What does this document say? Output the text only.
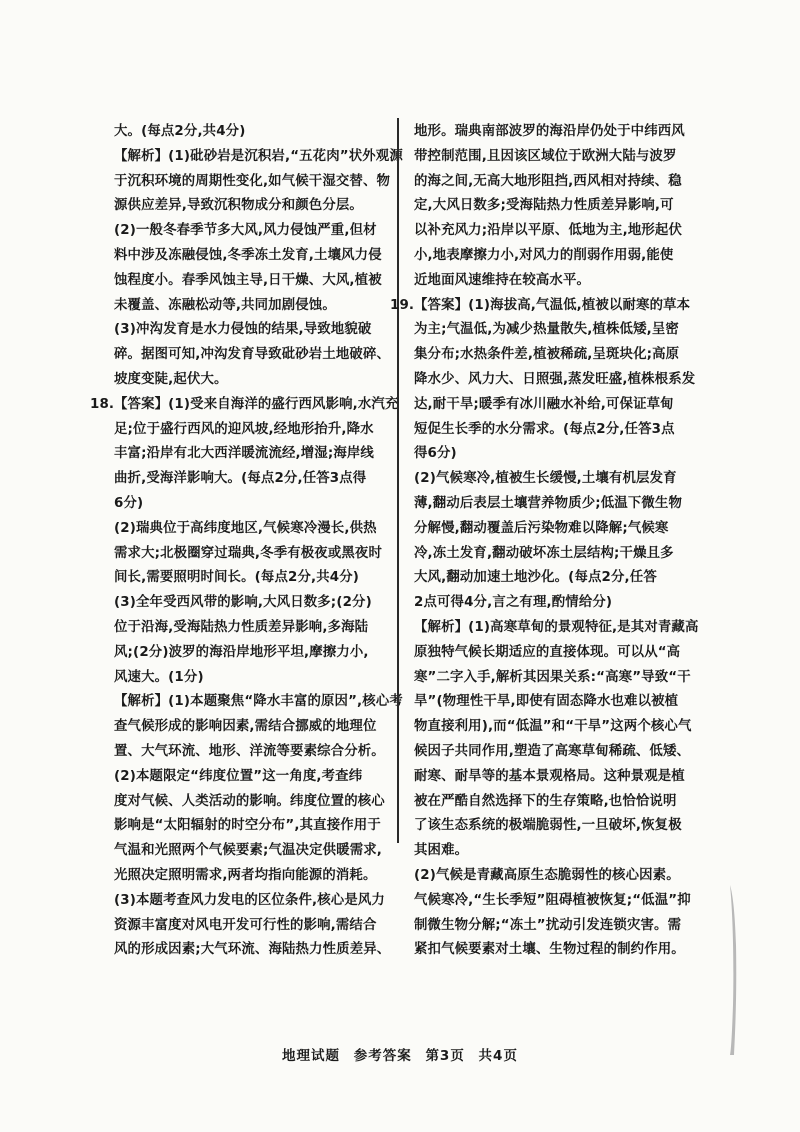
大。(每点2分,共4分)
【解析】(1)砒砂岩是沉积岩,“五花肉”状外观源
于沉积环境的周期性变化,如气候干湿交替、物
源供应差异,导致沉积物成分和颜色分层。
(2)一般冬春季节多大风,风力侵蚀严重,但材
料中涉及冻融侵蚀,冬季冻土发育,土壤风力侵
蚀程度小。春季风蚀主导,日干燥、大风,植被
未覆盖、冻融松动等,共同加剧侵蚀。
(3)冲沟发育是水力侵蚀的结果,导致地貌破
碎。据图可知,冲沟发育导致砒砂岩土地破碎、
坡度变陡,起伏大。
18. 【答案】(1)受来自海洋的盛行西风影响,水汽充
足;位于盛行西风的迎风坡,经地形抬升,降水
丰富;沿岸有北大西洋暖流流经,增湿;海岸线
曲折,受海洋影响大。(每点2分,任答3点得
6分)
(2)瑞典位于高纬度地区,气候寒冷漫长,供热
需求大;北极圈穿过瑞典,冬季有极夜或黑夜时
间长,需要照明时间长。(每点2分,共4分)
(3)全年受西风带的影响,大风日数多;(2分)
位于沿海,受海陆热力性质差异影响,多海陆
风;(2分)波罗的海沿岸地形平坦,摩擦力小,
风速大。(1分)
【解析】(1)本题聚焦“降水丰富的原因”,核心考
查气候形成的影响因素,需结合挪威的地理位
置、大气环流、地形、洋流等要素综合分析。
(2)本题限定“纬度位置”这一角度,考查纬
度对气候、人类活动的影响。纬度位置的核心
影响是“太阳辐射的时空分布”,其直接作用于
气温和光照两个气候要素;气温决定供暖需求,
光照决定照明需求,两者均指向能源的消耗。
(3)本题考查风力发电的区位条件,核心是风力
资源丰富度对风电开发可行性的影响,需结合
风的形成因素;大气环流、海陆热力性质差异、
地形。瑞典南部波罗的海沿岸仍处于中纬西风
带控制范围,且因该区域位于欧洲大陆与波罗
的海之间,无高大地形阻挡,西风相对持续、稳
定,大风日数多;受海陆热力性质差异影响,可
以补充风力;沿岸以平原、低地为主,地形起伏
小,地表摩擦力小,对风力的削弱作用弱,能使
近地面风速维持在较高水平。
19. 【答案】(1)海拔高,气温低,植被以耐寒的草本
为主;气温低,为减少热量散失,植株低矮,呈密
集分布;水热条件差,植被稀疏,呈斑块化;高原
降水少、风力大、日照强,蒸发旺盛,植株根系发
达,耐干旱;暖季有冰川融水补给,可保证草甸
短促生长季的水分需求。(每点2分,任答3点
得6分)
(2)气候寒冷,植被生长缓慢,土壤有机层发育
薄,翻动后表层土壤营养物质少;低温下微生物
分解慢,翻动覆盖后污染物难以降解;气候寒
冷,冻土发育,翻动破坏冻土层结构;干燥且多
大风,翻动加速土地沙化。(每点2分,任答
2点可得4分,言之有理,酌情给分)
【解析】(1)高寒草甸的景观特征,是其对青藏高
原独特气候长期适应的直接体现。可以从“高
寒”二字入手,解析其因果关系:“高寒”导致“干
旱”(物理性干旱,即使有固态降水也难以被植
物直接利用),而“低温”和“干旱”这两个核心气
候因子共同作用,塑造了高寒草甸稀疏、低矮、
耐寒、耐旱等的基本景观格局。这种景观是植
被在严酷自然选择下的生存策略,也恰恰说明
了该生态系统的极端脆弱性,一旦破坏,恢复极
其困难。
(2)气候是青藏高原生态脆弱性的核心因素。
气候寒冷,“生长季短”阻碍植被恢复;“低温”抑
制微生物分解;“冻土”扰动引发连锁灾害。需
紧扣气候要素对土壤、生物过程的制约作用。
地理试题 参考答案 第3页 共4页
